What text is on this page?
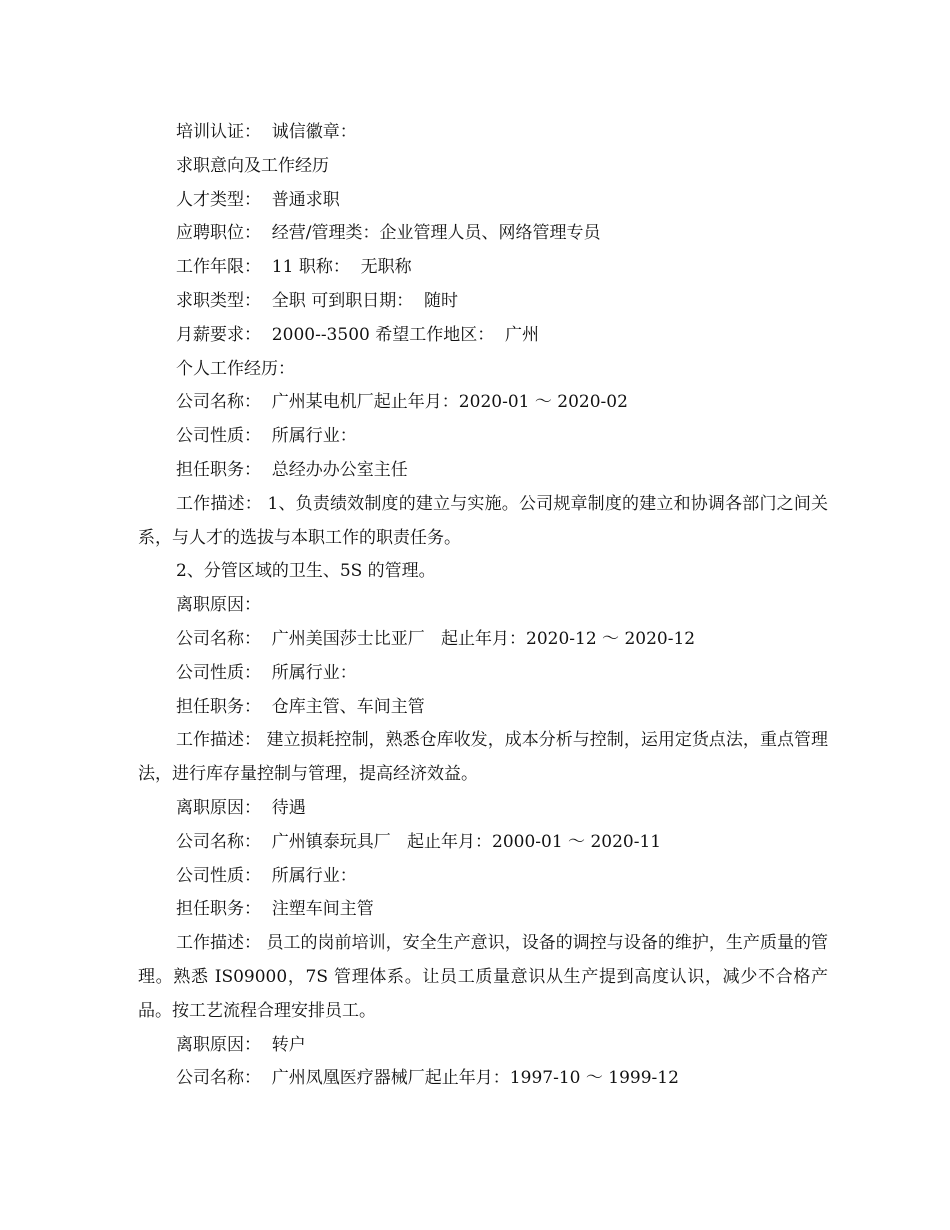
培训认证：  诚信徽章：
求职意向及工作经历
人才类型：  普通求职
应聘职位：  经营/管理类：企业管理人员、网络管理专员
工作年限：  11 职称：  无职称
求职类型：  全职 可到职日期：  随时
月薪要求：  2000--3500 希望工作地区：  广州
个人工作经历：
公司名称：  广州某电机厂起止年月：2020-01 ～ 2020-02
公司性质：  所属行业：
担任职务：  总经办办公室主任
工作描述： 1、负责绩效制度的建立与实施。公司规章制度的建立和协调各部门之间关系，与人才的选拔与本职工作的职责任务。
2、分管区域的卫生、5S 的管理。
离职原因：
公司名称：  广州美国莎士比亚厂   起止年月：2020-12 ～ 2020-12
公司性质：  所属行业：
担任职务：  仓库主管、车间主管
工作描述： 建立损耗控制，熟悉仓库收发，成本分析与控制，运用定货点法，重点管理法，进行库存量控制与管理，提高经济效益。
离职原因：  待遇
公司名称：  广州镇泰玩具厂   起止年月：2000-01 ～ 2020-11
公司性质：  所属行业：
担任职务：  注塑车间主管
工作描述： 员工的岗前培训，安全生产意识，设备的调控与设备的维护，生产质量的管理。熟悉 IS09000，7S 管理体系。让员工质量意识从生产提到高度认识，减少不合格产品。按工艺流程合理安排员工。
离职原因：  转户
公司名称：  广州凤凰医疗器械厂起止年月：1997-10 ～ 1999-12
